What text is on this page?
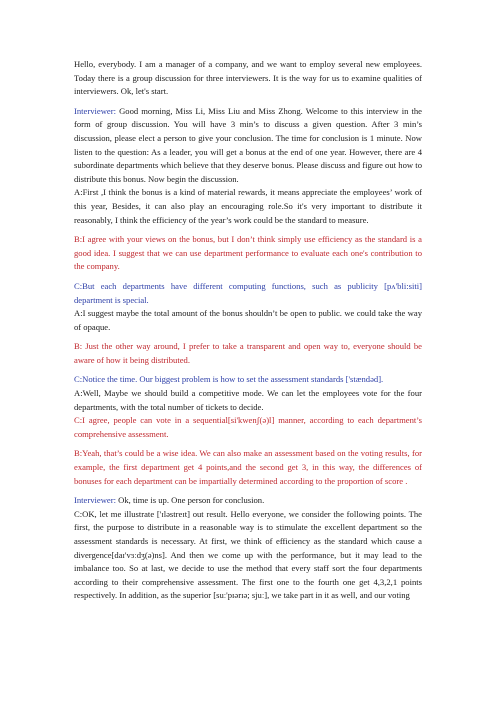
Hello, everybody. I am a manager of a company, and we want to employ several new employees. Today there is a group discussion for three interviewers. It is the way for us to examine qualities of interviewers. Ok, let's start.

Interviewer: Good morning, Miss Li, Miss Liu and Miss Zhong. Welcome to this interview in the form of group discussion. You will have 3 min’s to discuss a given question. After 3 min’s discussion, please elect a person to give your conclusion. The time for conclusion is 1 minute. Now listen to the question: As a leader, you will get a bonus at the end of one year. However, there are 4 subordinate departments which believe that they deserve bonus. Please discuss and figure out how to distribute this bonus. Now begin the discussion.

A:First ,I think the bonus is a kind of material rewards, it means appreciate the employees’ work of this year, Besides, it can also play an encouraging role.So it's very important to distribute it reasonably, I think the efficiency of the year’s work could be the standard to measure.

B:I agree with your views on the bonus, but I don’t think simply use efficiency as the standard is a good idea. I suggest that we can use department performance to evaluate each one's contribution to the company.

C:But each departments have different computing functions, such as publicity [pʌ'bli:siti] department is special.

A:I suggest maybe the total amount of the bonus shouldn’t be open to public. we could take the way of opaque.

B: Just the other way around, I prefer to take a transparent and open way to, everyone should be aware of how it being distributed.

C:Notice the time. Our biggest problem is how to set the assessment standards ['stændəd].

A:Well, Maybe we should build a competitive mode. We can let the employees vote for the four departments, with the total number of tickets to decide.

C:I agree, people can vote in a sequential[si'kwenʃ(ə)l] manner, according to each department’s comprehensive assessment.

B:Yeah, that’s could be a wise idea. We can also make an assessment based on the voting results, for example, the first department get 4 points,and the second get 3, in this way, the differences of bonuses for each department can be impartially determined according to the proportion of score .

Interviewer: Ok, time is up. One person for conclusion.

C:OK, let me illustrate ['ɪləstreɪt] out result. Hello everyone, we consider the following points. The first, the purpose to distribute in a reasonable way is to stimulate the excellent department so the assessment standards is necessary. At first, we think of efficiency as the standard which cause a divergence[daɪ'vɜːdʒ(ə)ns]. And then we come up with the performance, but it may lead to the imbalance too. So at last, we decide to use the method that every staff sort the four departments according to their comprehensive assessment. The first one to the fourth one get 4,3,2,1 points respectively. In addition, as the superior [suː'pɪərɪə; sjuː], we take part in it as well, and our voting
